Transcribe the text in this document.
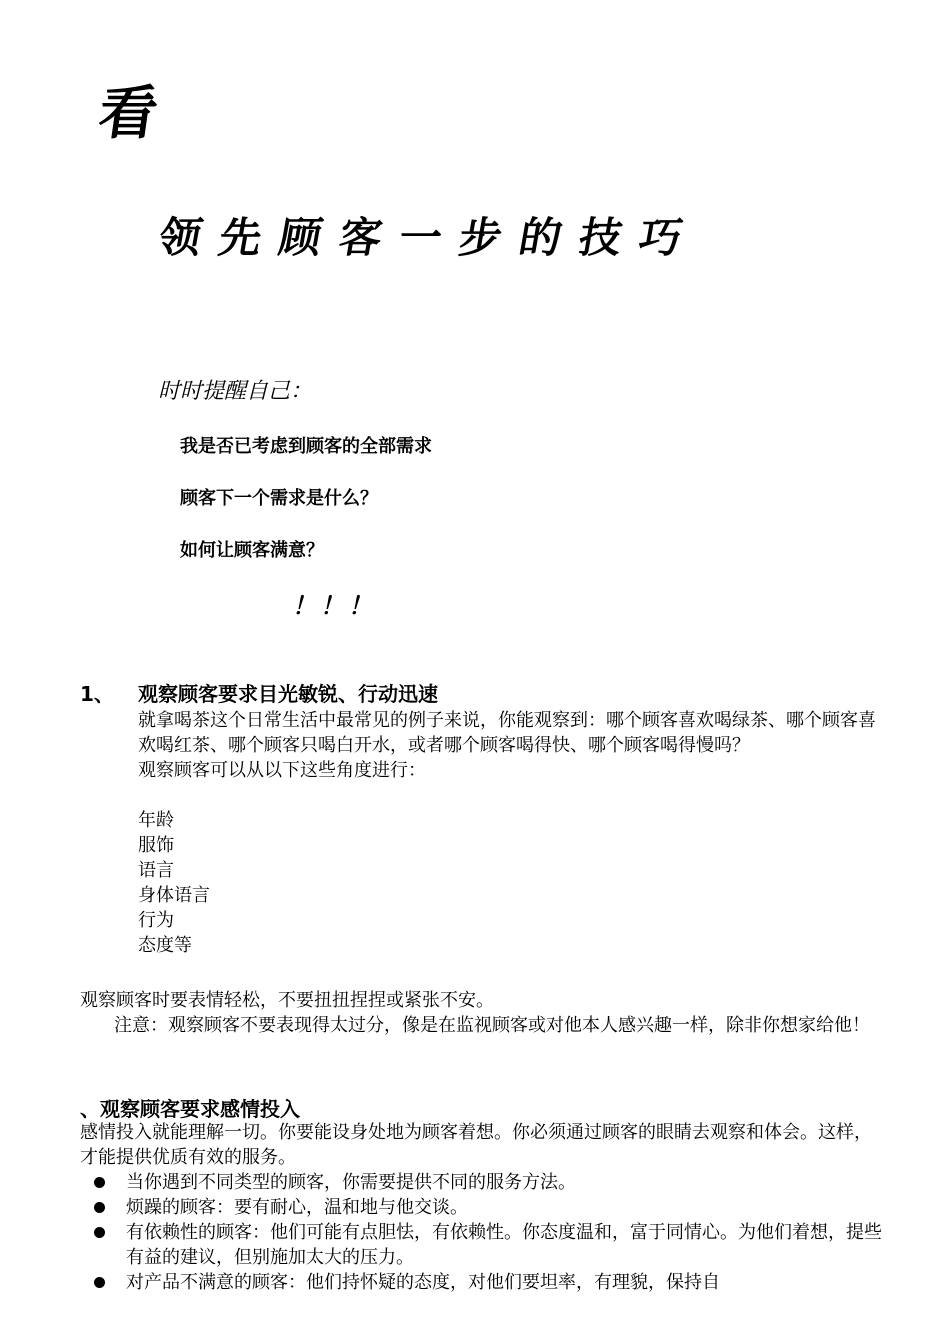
看
领先顾客一步的技巧
时时提醒自己：
我是否已考虑到顾客的全部需求
顾客下一个需求是什么？
如何让顾客满意？
！！！
1、 观察顾客要求目光敏锐、行动迅速
就拿喝茶这个日常生活中最常见的例子来说，你能观察到：哪个顾客喜欢喝绿茶、哪个顾客喜欢喝红茶、哪个顾客只喝白开水，或者哪个顾客喝得快、哪个顾客喝得慢吗？
观察顾客可以从以下这些角度进行：
年龄
服饰
语言
身体语言
行为
态度等
观察顾客时要表情轻松，不要扭扭捏捏或紧张不安。
注意：观察顾客不要表现得太过分，像是在监视顾客或对他本人感兴趣一样，除非你想家给他！
、观察顾客要求感情投入
感情投入就能理解一切。你要能设身处地为顾客着想。你必须通过顾客的眼睛去观察和体会。这样，才能提供优质有效的服务。
当你遇到不同类型的顾客，你需要提供不同的服务方法。
烦躁的顾客：要有耐心，温和地与他交谈。
有依赖性的顾客：他们可能有点胆怯，有依赖性。你态度温和，富于同情心。为他们着想，提些有益的建议，但别施加太大的压力。
对产品不满意的顾客：他们持怀疑的态度，对他们要坦率，有理貌，保持自
